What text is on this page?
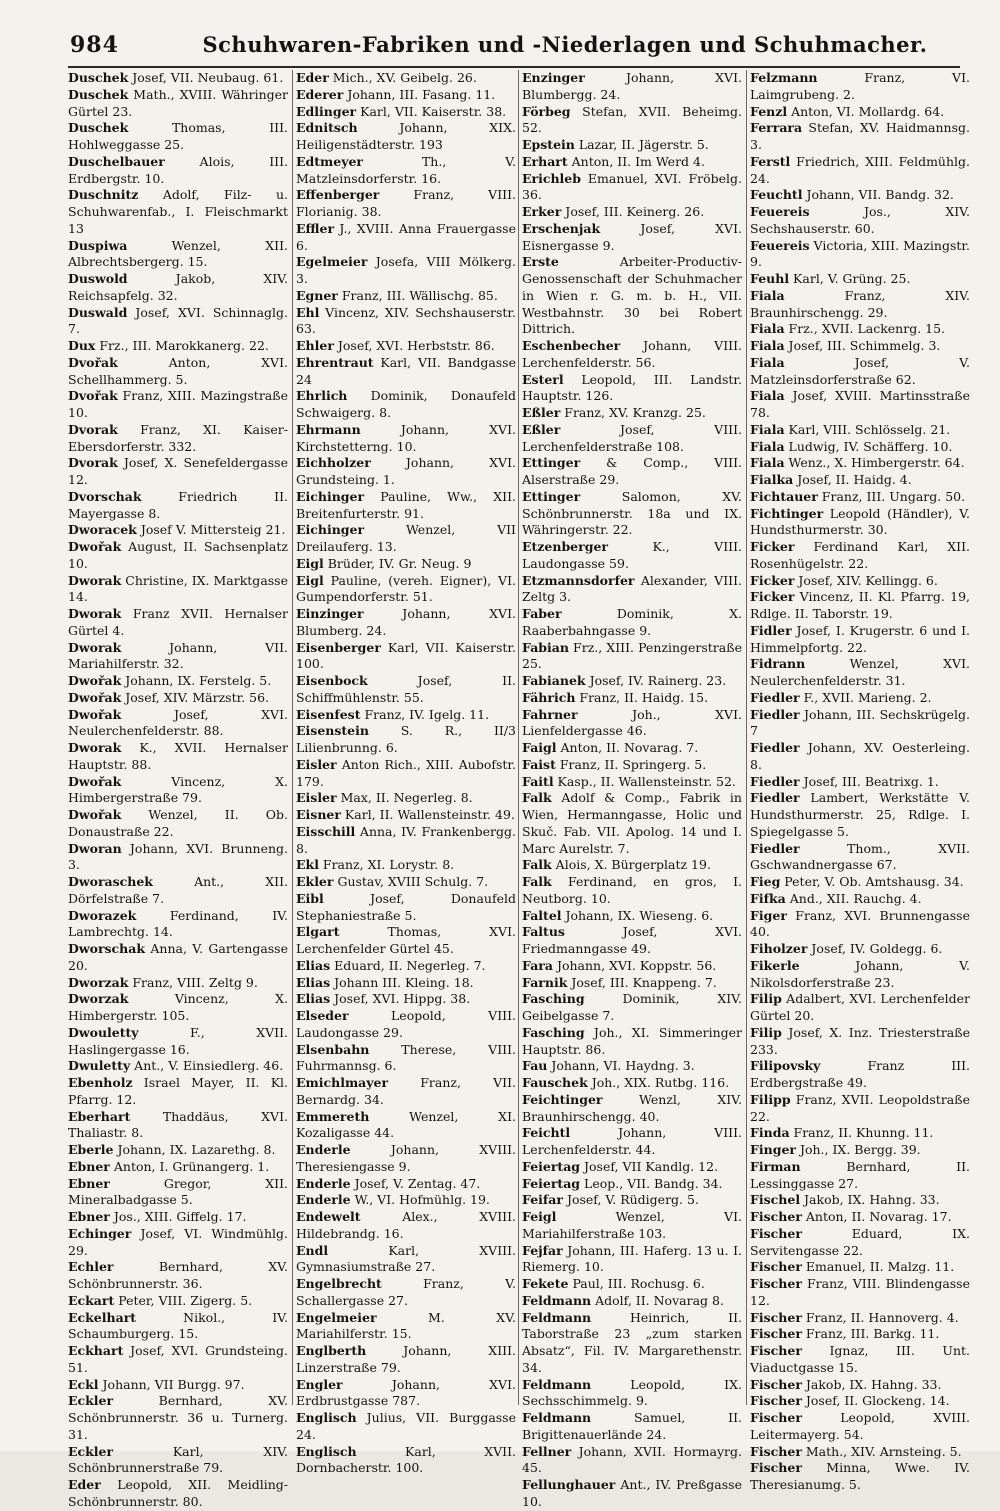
984	Schuhwaren-Fabriken und -Niederlagen und Schuhmacher.
Duschek Josef, VII. Neubaug. 61.
Duschek Math., XVIII. Währinger Gürtel 23.
Duschek Thomas, III. Hohlweggasse 25.
Duschelbauer Alois, III. Erdbergstr. 10.
Duschnitz Adolf, Filz- u. Schuhwarenfab., I. Fleischmarkt 13
Duspiwa Wenzel, XII. Albrechtsbergerg. 15.
Duswold Jakob, XIV. Reichsapfelg. 32.
Duswald Josef, XVI. Schinnaglg. 7.
Dux Frz., III. Marokkanerg. 22.
Dvořak Anton, XVI. Schellhammerg. 5.
Dvořak Franz, XIII. Mazingstraße 10.
Dvorak Franz, XI. Kaiser-Ebersdorferstr. 332.
Dvorak Josef, X. Senefeldergasse 12.
Dvorschak Friedrich II. Mayergasse 8.
Dworacek Josef V. Mittersteig 21.
Dwořak August, II. Sachsenplatz 10.
Dworak Christine, IX. Marktgasse 14.
Dworak Franz XVII. Hernalser Gürtel 4.
Dworak Johann, VII. Mariahilferstr. 32.
Dwořak Johann, IX. Ferstelg. 5.
Dwořak Josef, XIV. Märzstr. 56.
Dwořak Josef, XVI. Neulerchenfelderstr. 88.
Dworak K., XVII. Hernalser Hauptstr. 88.
Dwořak Vincenz, X. Himbergerstraße 79.
Dwořak Wenzel, II. Ob. Donaustraße 22.
Dworan Johann, XVI. Brunneng. 3.
Dworaschek Ant., XII. Dörfelstraße 7.
Dworazek Ferdinand, IV. Lambrechtg. 14.
Dworschak Anna, V. Gartengasse 20.
Dworzak Franz, VIII. Zeltg 9.
Dworzak Vincenz, X. Himbergerstr. 105.
Dwouletty F., XVII. Haslingergasse 16.
Dwuletty Ant., V. Einsiedlerg. 46.
Ebenholz Israel Mayer, II. Kl. Pfarrg. 12.
Eberhart Thaddäus, XVI. Thaliastr. 8.
Eberle Johann, IX. Lazarethg. 8.
Ebner Anton, I. Grünangerg. 1.
Ebner Gregor, XII. Mineralbadgasse 5.
Ebner Jos., XIII. Giffelg. 17.
Echinger Josef, VI. Windmühlg. 29.
Echler Bernhard, XV. Schönbrunnerstr. 36.
Eckart Peter, VIII. Zigerg. 5.
Eckelhart Nikol., IV. Schaumburgerg. 15.
Eckhart Josef, XVI. Grundsteing. 51.
Eckl Johann, VII Burgg. 97.
Eckler Bernhard, XV. Schönbrunnerstr. 36 u. Turnerg. 31.
Eckler Karl, XIV. Schönbrunnerstraße 79.
Eder Leopold, XII. Meidling-Schönbrunnerstr. 80.
Eder Mich., XV. Geibelg. 26.
Ederer Johann, III. Fasang. 11.
Edlinger Karl, VII. Kaiserstr. 38.
Ednitsch Johann, XIX. Heiligenstädterstr. 193
Edtmeyer Th., V. Matzleinsdorferstr. 16.
Effenberger Franz, VIII. Florianig. 38.
Effler J., XVIII. Anna Frauergasse 6.
Egelmeier Josefa, VIII Mölkerg. 3.
Egner Franz, III. Wällischg. 85.
Ehl Vincenz, XIV. Sechshauserstr. 63.
Ehler Josef, XVI. Herbststr. 86.
Ehrentraut Karl, VII. Bandgasse 24
Ehrlich Dominik, Donaufeld Schwaigerg. 8.
Ehrmann Johann, XVI. Kirchstetterng. 10.
Eichholzer Johann, XVI. Grundsteing. 1.
Eichinger Pauline, Ww., XII. Breitenfurterstr. 91.
Eichinger Wenzel, VII Dreilauferg. 13.
Eigl Brüder, IV. Gr. Neug. 9
Eigl Pauline, (vereh. Eigner), VI. Gumpendorferstr. 51.
Einzinger Johann, XVI. Blumberg. 24.
Eisenberger Karl, VII. Kaiserstr. 100.
Eisenbock Josef, II. Schiffmühlenstr. 55.
Eisenfest Franz, IV. Igelg. 11.
Eisenstein S. R., II/3 Lilienbrunng. 6.
Eisler Anton Rich., XIII. Aubofstr. 179.
Eisler Max, II. Negerleg. 8.
Eisner Karl, II. Wallensteinstr. 49.
Eisschill Anna, IV. Frankenbergg. 8.
Ekl Franz, XI. Lorystr. 8.
Ekler Gustav, XVIII Schulg. 7.
Eibl Josef, Donaufeld Stephaniestraße 5.
Elgart Thomas, XVI. Lerchenfelder Gürtel 45.
Elias Eduard, II. Negerleg. 7.
Elias Johann III. Kleing. 18.
Elias Josef, XVI. Hippg. 38.
Elseder Leopold, VIII. Laudongasse 29.
Elsenbahn Therese, VIII. Fuhrmannsg. 6.
Emichlmayer Franz, VII. Bernardg. 34.
Emmereth Wenzel, XI. Kozaligasse 44.
Enderle Johann, XVIII. Theresiengasse 9.
Enderle Josef, V. Zentag. 47.
Enderle W., VI. Hofmühlg. 19.
Endewelt Alex., XVIII. Hildebrandg. 16.
Endl Karl, XVIII. Gymnasiumstraße 27.
Engelbrecht Franz, V. Schallergasse 27.
Engelmeier M. XV. Mariahilferstr. 15.
Englberth Johann, XIII. Linzerstraße 79.
Engler Johann, XVI. Erdbrustgasse 787.
Englisch Julius, VII. Burggasse 24.
Englisch Karl, XVII. Dornbacherstr. 100.
Enzinger Johann, XVI. Blumbergg. 24.
Förbeg Stefan, XVII. Beheimg. 52.
Epstein Lazar, II. Jägerstr. 5.
Erhart Anton, II. Im Werd 4.
Erichleb Emanuel, XVI. Fröbelg. 36.
Erker Josef, III. Keinerg. 26.
Erschenjak Josef, XVI. Eisnergasse 9.
Erste Arbeiter-Productiv-Genossenschaft der Schuhmacher in Wien r. G. m. b. H., VII. Westbahnstr. 30 bei Robert Dittrich.
Eschenbecher Johann, VIII. Lerchenfelderstr. 56.
Esterl Leopold, III. Landstr. Hauptstr. 126.
Eßler Franz, XV. Kranzg. 25.
Eßler Josef, VIII. Lerchenfelderstraße 108.
Ettinger & Comp., VIII. Alserstraße 29.
Ettinger Salomon, XV. Schönbrunnerstr. 18a und IX. Währingerstr. 22.
Etzenberger K., VIII. Laudongasse 59.
Etzmannsdorfer Alexander, VIII. Zeltg 3.
Faber Dominik, X. Raaberbahngasse 9.
Fabian Frz., XIII. Penzingerstraße 25.
Fabianek Josef, IV. Rainerg. 23.
Fährich Franz, II. Haidg. 15.
Fahrner Joh., XVI. Lienfeldergasse 46.
Faigl Anton, II. Novarag. 7.
Faist Franz, II. Springerg. 5.
Faitl Kasp., II. Wallensteinstr. 52.
Falk Adolf & Comp., Fabrik in Wien, Hermanngasse, Holic und Skuč. Fab. VII. Apolog. 14 und I. Marc Aurelstr. 7.
Falk Alois, X. Bürgerplatz 19.
Falk Ferdinand, en gros, I. Neutborg. 10.
Faltel Johann, IX. Wieseng. 6.
Faltus Josef, XVI. Friedmanngasse 49.
Fara Johann, XVI. Koppstr. 56.
Farnik Josef, III. Knappeng. 7.
Fasching Dominik, XIV. Geibelgasse 7.
Fasching Joh., XI. Simmeringer Hauptstr. 86.
Fau Johann, VI. Haydng. 3.
Fauschek Joh., XIX. Rutbg. 116.
Feichtinger Wenzl, XIV. Braunhirschengg. 40.
Feichtl Johann, VIII. Lerchenfelderstr. 44.
Feiertag Josef, VII Kandlg. 12.
Feiertag Leop., VII. Bandg. 34.
Feifar Josef, V. Rüdigerg. 5.
Feigl Wenzel, VI. Mariahilferstraße 103.
Fejfar Johann, III. Haferg. 13 u. I. Riemerg. 10.
Fekete Paul, III. Rochusg. 6.
Feldmann Adolf, II. Novarag 8.
Feldmann Heinrich, II. Taborstraße 23 „zum starken Absatz“, Fil. IV. Margarethenstr. 34.
Feldmann Leopold, IX. Sechsschimmelg. 9.
Feldmann Samuel, II. Brigittenauerlände 24.
Fellner Johann, XVII. Hormayrg. 45.
Fellunghauer Ant., IV. Preßgasse 10.
Felzmann Franz, VI. Laimgrubeng. 2.
Fenzl Anton, VI. Mollardg. 64.
Ferrara Stefan, XV. Haidmannsg. 3.
Ferstl Friedrich, XIII. Feldmühlg. 24.
Feuchtl Johann, VII. Bandg. 32.
Feuereis Jos., XIV. Sechshauserstr. 60.
Feuereis Victoria, XIII. Mazingstr. 9.
Feuhl Karl, V. Grüng. 25.
Fiala Franz, XIV. Braunhirschengg. 29.
Fiala Frz., XVII. Lackenrg. 15.
Fiala Josef, III. Schimmelg. 3.
Fiala Josef, V. Matzleinsdorferstraße 62.
Fiala Josef, XVIII. Martinsstraße 78.
Fiala Karl, VIII. Schlösselg. 21.
Fiala Ludwig, IV. Schäfferg. 10.
Fiala Wenz., X. Himbergerstr. 64.
Fialka Josef, II. Haidg. 4.
Fichtauer Franz, III. Ungarg. 50.
Fichtinger Leopold (Händler), V. Hundsthurmerstr. 30.
Ficker Ferdinand Karl, XII. Rosenhügelstr. 22.
Ficker Josef, XIV. Kellingg. 6.
Ficker Vincenz, II. Kl. Pfarrg. 19, Rdlge. II. Taborstr. 19.
Fidler Josef, I. Krugerstr. 6 und I. Himmelpfortg. 22.
Fidrann Wenzel, XVI. Neulerchenfelderstr. 31.
Fiedler F., XVII. Marieng. 2.
Fiedler Johann, III. Sechskrügelg. 7
Fiedler Johann, XV. Oesterleing. 8.
Fiedler Josef, III. Beatrixg. 1.
Fiedler Lambert, Werkstätte V. Hundsthurmerstr. 25, Rdlge. I. Spiegelgasse 5.
Fiedler Thom., XVII. Gschwandnergasse 67.
Fieg Peter, V. Ob. Amtshausg. 34.
Fifka And., XII. Rauchg. 4.
Figer Franz, XVI. Brunnengasse 40.
Fiholzer Josef, IV. Goldegg. 6.
Fikerle Johann, V. Nikolsdorferstraße 23.
Filip Adalbert, XVI. Lerchenfelder Gürtel 20.
Filip Josef, X. Inz. Triesterstraße 233.
Filipovsky Franz III. Erdbergstraße 49.
Filipp Franz, XVII. Leopoldstraße 22.
Finda Franz, II. Khunng. 11.
Finger Joh., IX. Bergg. 39.
Firman Bernhard, II. Lessinggasse 27.
Fischel Jakob, IX. Hahng. 33.
Fischer Anton, II. Novarag. 17.
Fischer Eduard, IX. Servitengasse 22.
Fischer Emanuel, II. Malzg. 11.
Fischer Franz, VIII. Blindengasse 12.
Fischer Franz, II. Hannoverg. 4.
Fischer Franz, III. Barkg. 11.
Fischer Ignaz, III. Unt. Viaductgasse 15.
Fischer Jakob, IX. Hahng. 33.
Fischer Josef, II. Glockeng. 14.
Fischer Leopold, XVIII. Leitermayerg. 54.
Fischer Math., XIV. Arnsteing. 5.
Fischer Minna, Wwe. IV. Theresianumg. 5.
